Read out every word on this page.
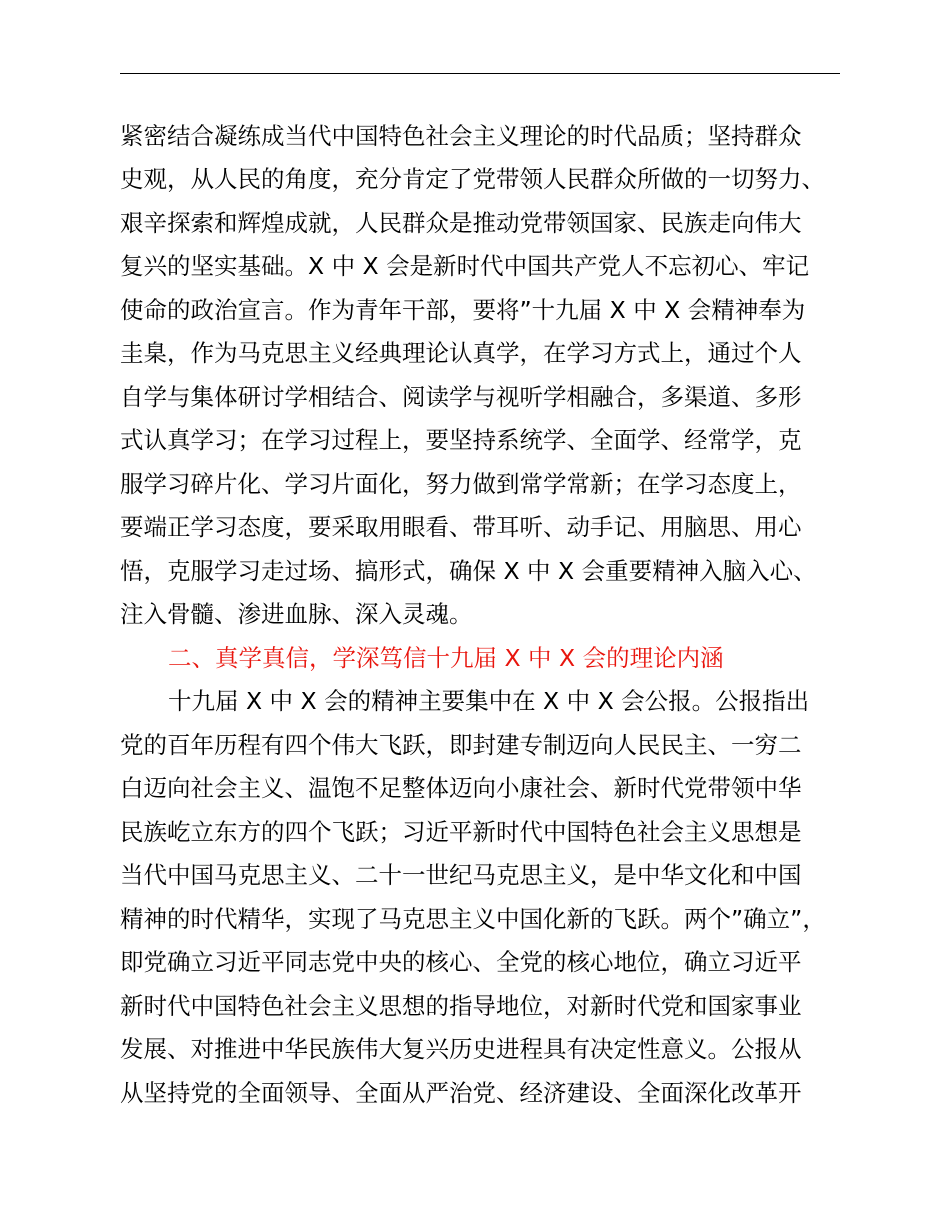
紧密结合凝练成当代中国特色社会主义理论的时代品质；坚持群众
史观，从人民的角度，充分肯定了党带领人民群众所做的一切努力、
艰辛探索和辉煌成就，人民群众是推动党带领国家、民族走向伟大
复兴的坚实基础。X 中 X 会是新时代中国共产党人不忘初心、牢记
使命的政治宣言。作为青年干部，要将”十九届 X 中 X 会精神奉为
圭臬，作为马克思主义经典理论认真学，在学习方式上，通过个人
自学与集体研讨学相结合、阅读学与视听学相融合，多渠道、多形
式认真学习；在学习过程上，要坚持系统学、全面学、经常学，克
服学习碎片化、学习片面化，努力做到常学常新；在学习态度上，
要端正学习态度，要采取用眼看、带耳听、动手记、用脑思、用心
悟，克服学习走过场、搞形式，确保 X 中 X 会重要精神入脑入心、
注入骨髓、渗进血脉、深入灵魂。
二、真学真信，学深笃信十九届 X 中 X 会的理论内涵
十九届 X 中 X 会的精神主要集中在 X 中 X 会公报。公报指出
党的百年历程有四个伟大飞跃，即封建专制迈向人民民主、一穷二
白迈向社会主义、温饱不足整体迈向小康社会、新时代党带领中华
民族屹立东方的四个飞跃；习近平新时代中国特色社会主义思想是
当代中国马克思主义、二十一世纪马克思主义，是中华文化和中国
精神的时代精华，实现了马克思主义中国化新的飞跃。两个”确立”，
即党确立习近平同志党中央的核心、全党的核心地位，确立习近平
新时代中国特色社会主义思想的指导地位，对新时代党和国家事业
发展、对推进中华民族伟大复兴历史进程具有决定性意义。公报从
从坚持党的全面领导、全面从严治党、经济建设、全面深化改革开
